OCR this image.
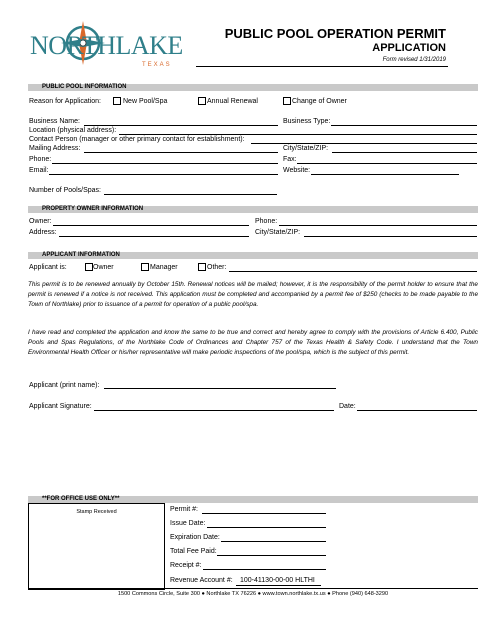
NORTHLAKE
TEXAS
PUBLIC POOL OPERATION PERMIT
APPLICATION
Form revised 1/31/2019
PUBLIC POOL INFORMATION
Reason for Application:	New Pool/Spa	Annual Renewal	Change of Owner
Business Name:	Business Type:
Location (physical address):
Contact Person (manager or other primary contact for establishment):
Mailing Address:	City/State/ZIP:
Phone:	Fax:
Email:	Website:
Number of Pools/Spas:
PROPERTY OWNER INFORMATION
Owner:	Phone:
Address:	City/State/ZIP:
APPLICANT INFORMATION
Applicant is:	Owner	Manager	Other:
This permit is to be renewed annually by October 15th. Renewal notices will be mailed; however, it is the responsibility of the permit holder to ensure that the permit is renewed if a notice is not received. This application must be completed and accompanied by a permit fee of $250 (checks to be made payable to the Town of Northlake) prior to issuance of a permit for operation of a public pool/spa.
I have read and completed the application and know the same to be true and correct and hereby agree to comply with the provisions of Article 6.400, Public Pools and Spas Regulations, of the Northlake Code of Ordinances and Chapter 757 of the Texas Health & Safety Code. I understand that the Town Environmental Health Officer or his/her representative will make periodic inspections of the pool/spa, which is the subject of this permit.
Applicant (print name):
Applicant Signature:	Date:
**FOR OFFICE USE ONLY**
Stamp Received	Permit #:
Issue Date:
Expiration Date:
Total Fee Paid:
Receipt #:
Revenue Account #:	100-41130-00-00 HLTHI
1500 Commons Circle, Suite 300 ● Northlake TX 76226 ● www.town.northlake.tx.us ● Phone (940) 648-3290
